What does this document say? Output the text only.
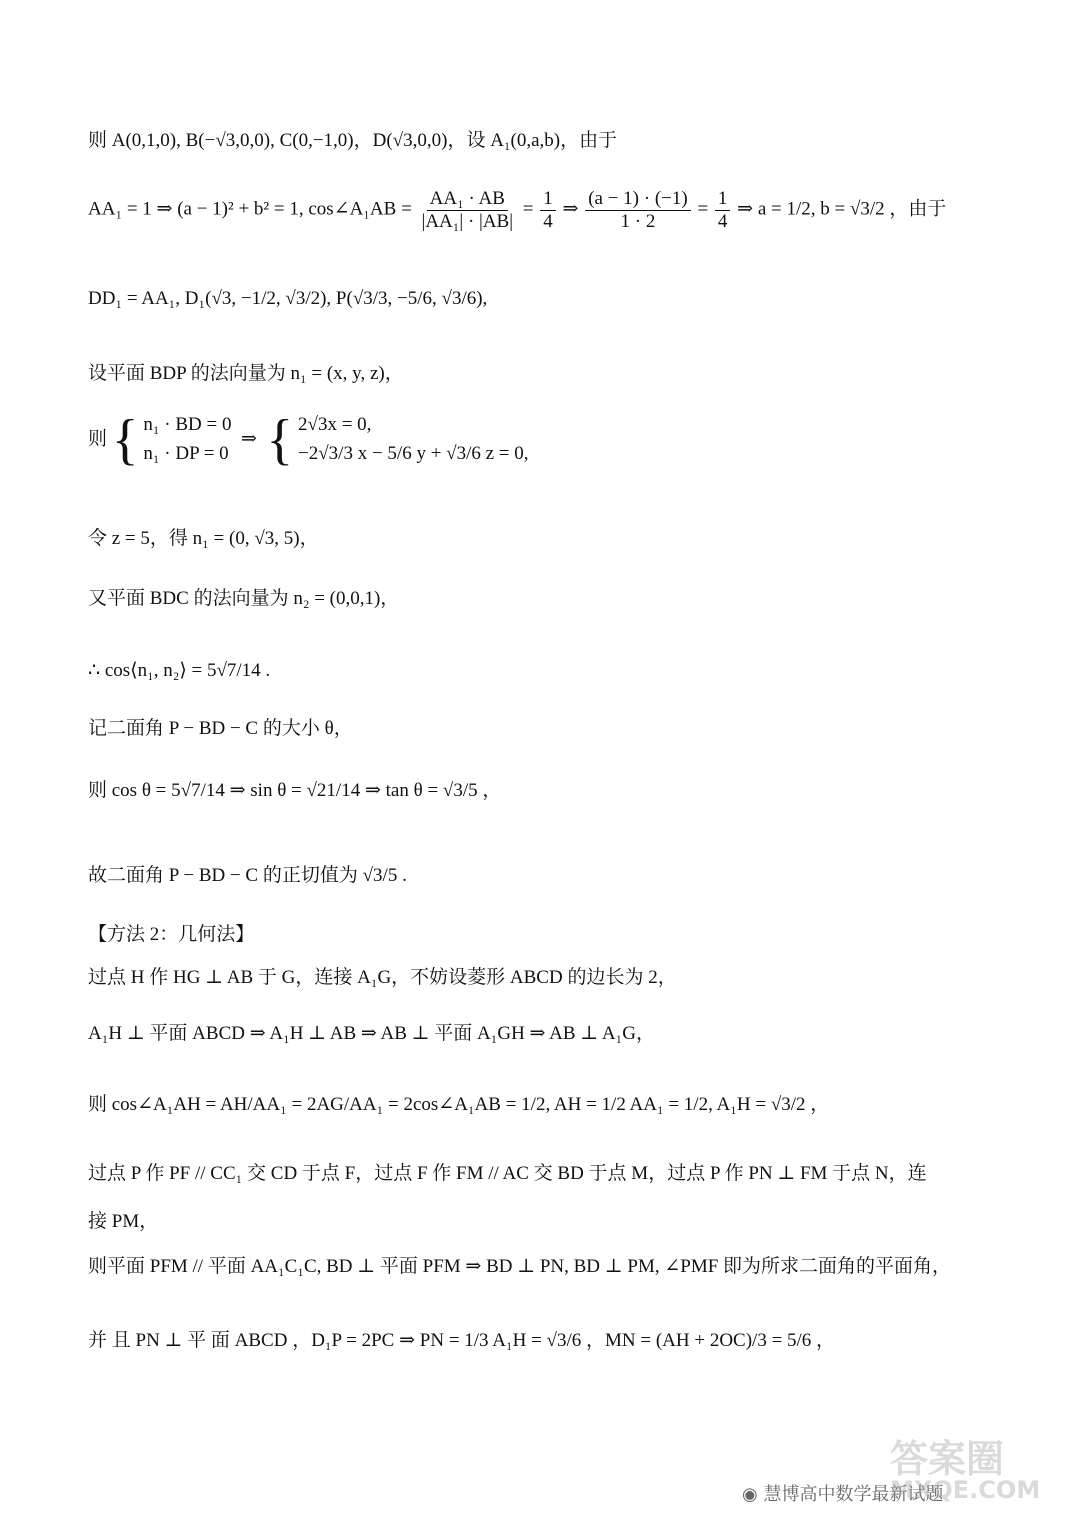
则 A(0,1,0), B(−√3,0,0), C(0,−1,0)，D(√3,0,0)，设 A₁(0,a,b)，由于
AA₁ = 1 ⇒ (a − 1)² + b² = 1, cos∠A₁AB = $\frac{\text{AA₁ · AB}}{\text{|AA₁| · |AB|}} = \frac{1}{4}$ ⇒ $\frac{(a - 1) \cdot (-1)}{1 \cdot 2} = \frac{1}{4}$ ⇒ a = 1/2, b = √3/2 ，由于
DD₁ = AA₁, D₁(√3, −1/2, √3/2), P(√3/3, −5/6, √3/6),
设平面 BDP 的法向量为 n₁ = (x, y, z)，
则 { n₁ · BD = 0
n₁ · DP = 0
⇒  { 2√3x = 0,
−2√3/3 x − 5/6 y + √3/6 z = 0,
令 z = 5，得 n₁ = (0, √3, 5)，
又平面 BDC 的法向量为 n₂ = (0,0,1)，
∴ cos⟨n₁, n₂⟩ = 5√7/14 .
记二面角 P − BD − C 的大小 θ，
则 cos θ = 5√7/14 ⇒ sin θ = √21/14 ⇒ tan θ = √3/5 ，
故二面角 P − BD − C 的正切值为 √3/5 .
【方法 2：几何法】
过点 H 作 HG ⊥ AB 于 G，连接 A₁G，不妨设菱形 ABCD 的边长为 2，
A₁H ⊥ 平面 ABCD ⇒ A₁H ⊥ AB ⇒ AB ⊥ 平面 A₁GH ⇒ AB ⊥ A₁G，
则 cos∠A₁AH = AH/AA₁ = 2AG/AA₁ = 2cos∠A₁AB = 1/2, AH = 1/2 AA₁ = 1/2, A₁H = √3/2 ，
过点 P 作 PF // CC₁ 交 CD 于点 F，过点 F 作 FM // AC 交 BD 于点 M，过点 P 作 PN ⊥ FM 于点 N，连
接 PM，
则平面 PFM // 平面 AA₁C₁C, BD ⊥ 平面 PFM ⇒ BD ⊥ PN, BD ⊥ PM, ∠PMF 即为所求二面角的平面角，
并 且 PN ⊥ 平 面 ABCD ，D₁P = 2PC ⇒ PN = 1/3 A₁H = √3/6 ，MN = (AH + 2OC)/3 = 5/6 ，
◉ 慧博高中数学最新试题
答案圈
MXQE.COM
